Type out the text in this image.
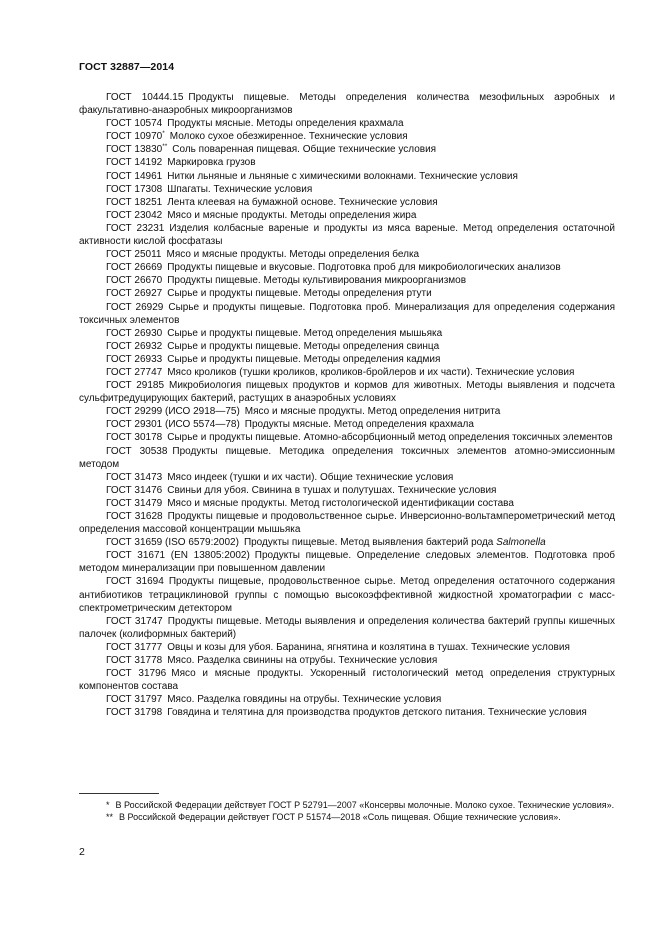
ГОСТ 32887—2014
ГОСТ 10444.15 Продукты пищевые. Методы определения количества мезофильных аэробных и факультативно-анаэробных микроорганизмов
ГОСТ 10574 Продукты мясные. Методы определения крахмала
ГОСТ 10970* Молоко сухое обезжиренное. Технические условия
ГОСТ 13830** Соль поваренная пищевая. Общие технические условия
ГОСТ 14192 Маркировка грузов
ГОСТ 14961 Нитки льняные и льняные с химическими волокнами. Технические условия
ГОСТ 17308 Шпагаты. Технические условия
ГОСТ 18251 Лента клеевая на бумажной основе. Технические условия
ГОСТ 23042 Мясо и мясные продукты. Методы определения жира
ГОСТ 23231 Изделия колбасные вареные и продукты из мяса вареные. Метод определения остаточной активности кислой фосфатазы
ГОСТ 25011 Мясо и мясные продукты. Методы определения белка
ГОСТ 26669 Продукты пищевые и вкусовые. Подготовка проб для микробиологических анализов
ГОСТ 26670 Продукты пищевые. Методы культивирования микроорганизмов
ГОСТ 26927 Сырье и продукты пищевые. Методы определения ртути
ГОСТ 26929 Сырье и продукты пищевые. Подготовка проб. Минерализация для определения содержания токсичных элементов
ГОСТ 26930 Сырье и продукты пищевые. Метод определения мышьяка
ГОСТ 26932 Сырье и продукты пищевые. Методы определения свинца
ГОСТ 26933 Сырье и продукты пищевые. Методы определения кадмия
ГОСТ 27747 Мясо кроликов (тушки кроликов, кроликов-бройлеров и их части). Технические условия
ГОСТ 29185 Микробиология пищевых продуктов и кормов для животных. Методы выявления и подсчета сульфитредуцирующих бактерий, растущих в анаэробных условиях
ГОСТ 29299 (ИСО 2918—75) Мясо и мясные продукты. Метод определения нитрита
ГОСТ 29301 (ИСО 5574—78) Продукты мясные. Метод определения крахмала
ГОСТ 30178 Сырье и продукты пищевые. Атомно-абсорбционный метод определения токсичных элементов
ГОСТ 30538 Продукты пищевые. Методика определения токсичных элементов атомно-эмиссионным методом
ГОСТ 31473 Мясо индеек (тушки и их части). Общие технические условия
ГОСТ 31476 Свиньи для убоя. Свинина в тушах и полутушах. Технические условия
ГОСТ 31479 Мясо и мясные продукты. Метод гистологической идентификации состава
ГОСТ 31628 Продукты пищевые и продовольственное сырье. Инверсионно-вольтамперометрический метод определения массовой концентрации мышьяка
ГОСТ 31659 (ISO 6579:2002) Продукты пищевые. Метод выявления бактерий рода Salmonella
ГОСТ 31671 (EN 13805:2002) Продукты пищевые. Определение следовых элементов. Подготовка проб методом минерализации при повышенном давлении
ГОСТ 31694 Продукты пищевые, продовольственное сырье. Метод определения остаточного содержания антибиотиков тетрациклиновой группы с помощью высокоэффективной жидкостной хроматографии с масс-спектрометрическим детектором
ГОСТ 31747 Продукты пищевые. Методы выявления и определения количества бактерий группы кишечных палочек (колиформных бактерий)
ГОСТ 31777 Овцы и козы для убоя. Баранина, ягнятина и козлятина в тушах. Технические условия
ГОСТ 31778 Мясо. Разделка свинины на отрубы. Технические условия
ГОСТ 31796 Мясо и мясные продукты. Ускоренный гистологический метод определения структурных компонентов состава
ГОСТ 31797 Мясо. Разделка говядины на отрубы. Технические условия
ГОСТ 31798 Говядина и телятина для производства продуктов детского питания. Технические условия
* В Российской Федерации действует ГОСТ Р 52791—2007 «Консервы молочные. Молоко сухое. Технические условия».
** В Российской Федерации действует ГОСТ Р 51574—2018 «Соль пищевая. Общие технические условия».
2
